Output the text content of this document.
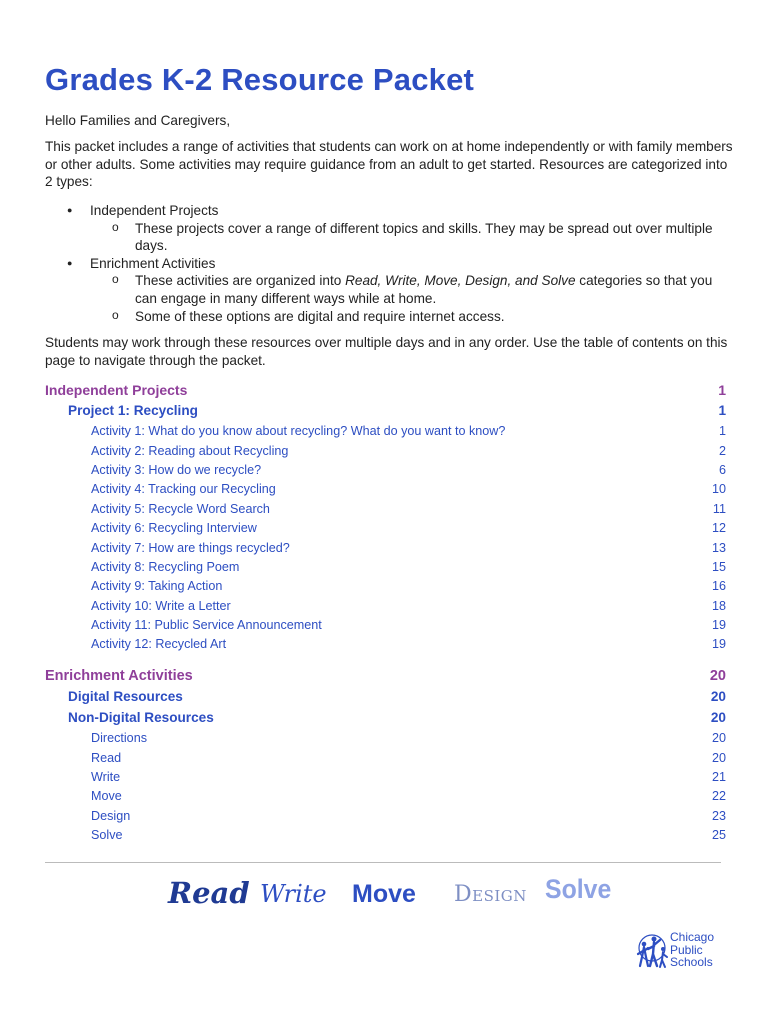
Grades K-2 Resource Packet

Hello Families and Caregivers,

This packet includes a range of activities that students can work on at home independently or with family members or other adults. Some activities may require guidance from an adult to get started. Resources are categorized into 2 types:

● Independent Projects
o These projects cover a range of different topics and skills. They may be spread out over multiple days.
● Enrichment Activities
o These activities are organized into Read, Write, Move, Design, and Solve categories so that you can engage in many different ways while at home.
o Some of these options are digital and require internet access.

Students may work through these resources over multiple days and in any order. Use the table of contents on this page to navigate through the packet.

Independent Projects	1
Project 1: Recycling	1
Activity 1: What do you know about recycling? What do you want to know?	1
Activity 2: Reading about Recycling	2
Activity 3: How do we recycle?	6
Activity 4: Tracking our Recycling	10
Activity 5: Recycle Word Search	11
Activity 6: Recycling Interview	12
Activity 7: How are things recycled?	13
Activity 8: Recycling Poem	15
Activity 9: Taking Action	16
Activity 10: Write a Letter	18
Activity 11: Public Service Announcement	19
Activity 12: Recycled Art	19
Enrichment Activities	20
Digital Resources	20
Non-Digital Resources	20
Directions	20
Read	20
Write	21
Move	22
Design	23
Solve	25
Read Write Move Design Solve
Chicago
Public
Schools
